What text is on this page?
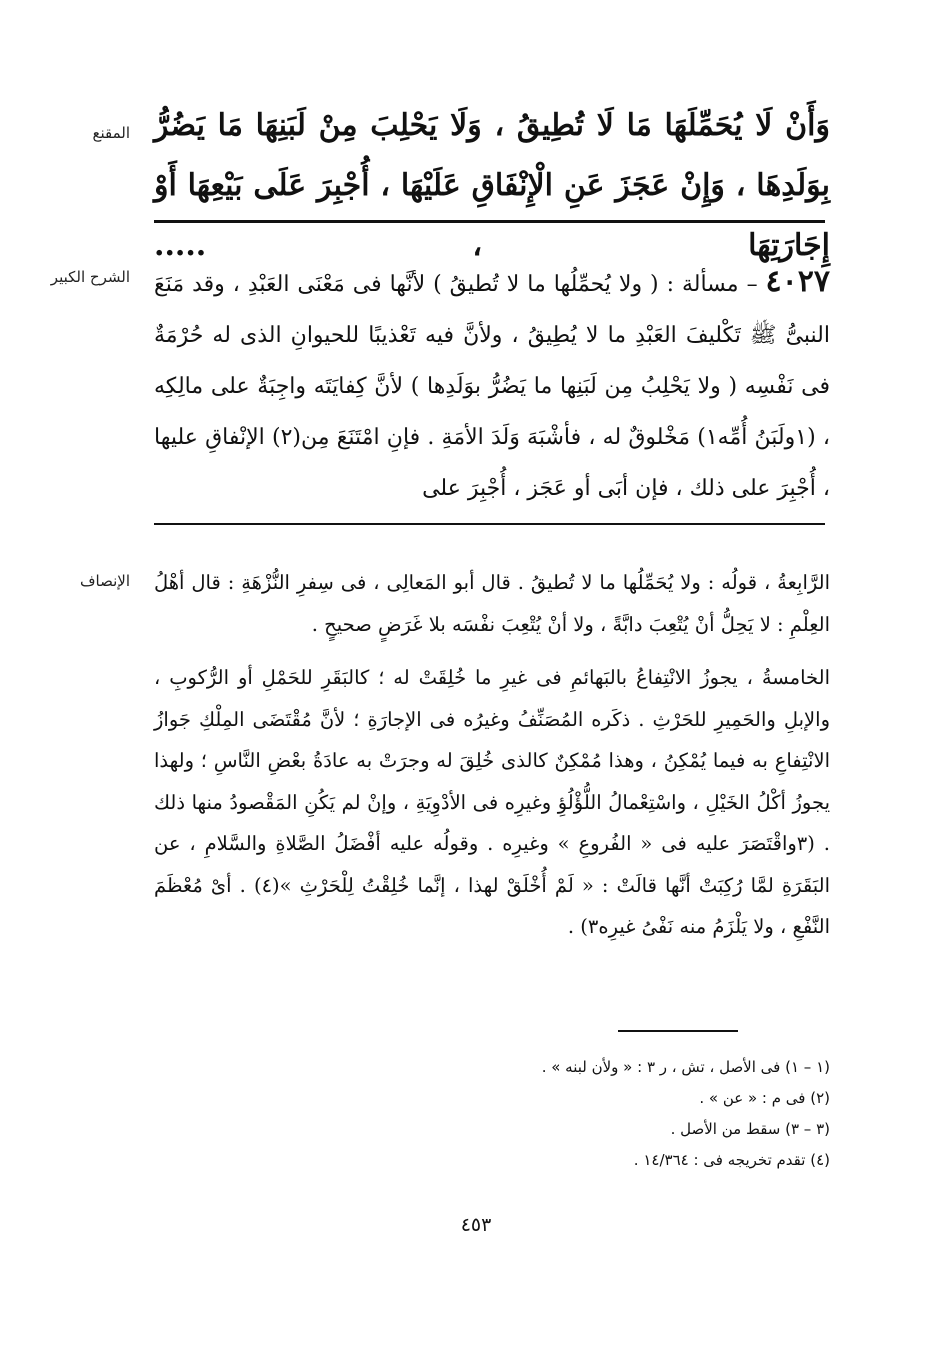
المقنع وَأَنْ لَا يُحَمِّلَهَا مَا لَا تُطِيقُ ، وَلَا يَحْلِبَ مِنْ لَبَنِهَا مَا يَضُرُّ بِوَلَدِهَا ، وَإِنْ عَجَزَ عَنِ الْإِنْفَاقِ عَلَيْهَا ، أُجْبِرَ عَلَى بَيْعِهَا أَوْ إِجَارَتِهَا ، .....

الشرح الكبير	٤٠٢٧ – مسألة : ( ولا يُحمِّلُها ما لا تُطيقُ ) لأنَّها فى مَعْنَى العَبْدِ ، وقد مَنَعَ النبىُّ ﷺ تَكْليفَ العَبْدِ ما لا يُطِيقُ ، ولأنَّ فيه تَعْذيبًا للحيوانِ الذى له حُرْمَةٌ فى نَفْسِه ( ولا يَحْلِبُ مِن لَبَنِها ما يَضُرُّ بوَلَدِها ) لأنَّ كِفايَتَه واجِبَةٌ على مالِكِه ، (١ولَبَنُ أُمِّه١) مَخْلوقٌ له ، فأشْبَهَ وَلَدَ الأمَةِ . فإنِ امْتَنَعَ مِن(٢) الإنْفاقِ عليها ، أُجْبِرَ على ذلك ، فإن أبَى أو عَجَز ، أُجْبِرَ على

الإنصاف الرَّابِعةُ ، قولُه : ولا يُحَمِّلُها ما لا تُطيقُ . قال أبو المَعالِى ، فى سِفرِ النُّزْهَةِ : قال أهْلُ العِلْمِ : لا يَحِلُّ أنْ يُتْعِبَ دابَّةً ، ولا أنْ يُتْعِبَ نفْسَه بلا غَرَضٍ صحيحٍ .

الخامسةُ ، يجوزُ الانْتِفاعُ بالبَهائمِ فى غيرِ ما خُلِقَتْ له ؛ كالبَقَرِ للحَمْلِ أو الرُّكوبِ ، والإبلِ والحَمِيرِ للحَرْثِ . ذكَره المُصَنِّفُ وغيرُه فى الإجارَةِ ؛ لأنَّ مُقْتَضَى المِلْكِ جَوازُ الانْتِفاعِ به فيما يُمْكِنُ ، وهذا مُمْكِنٌ كالذى خُلِقَ له وجرَتْ به عادَةُ بعْضِ النَّاسِ ؛ ولهذا يجوزُ أكْلُ الخَيْلِ ، واسْتِعْمالُ اللُّؤْلُؤِ وغيرِه فى الأدْوِيَةِ ، وإنْ لم يَكُنِ المَقْصودُ منها ذلك . (٣واقْتَصَرَ عليه فى « الفُروعِ » وغيرِه . وقولُه عليه أفْضَلُ الصَّلاةِ والسَّلامِ ، عن البَقَرَةِ لمَّا رُكِبَتْ أنَّها قالَتْ : « لَمْ أُخْلَقْ لهذا ، إنَّما خُلِقْتُ لِلْحَرْثِ »(٤) . أىْ مُعْظَمَ النَّفْعِ ، ولا يَلْزَمُ منه نَفْىُ غيرِه٣) .

(١ – ١) فى الأصل ، تش ، ر ٣ : « ولأن لبنه » .
(٢) فى م : « عن » .
(٣ – ٣) سقط من الأصل .
(٤) تقدم تخريجه فى : ١٤/٣٦٤ .
٤٥٣
